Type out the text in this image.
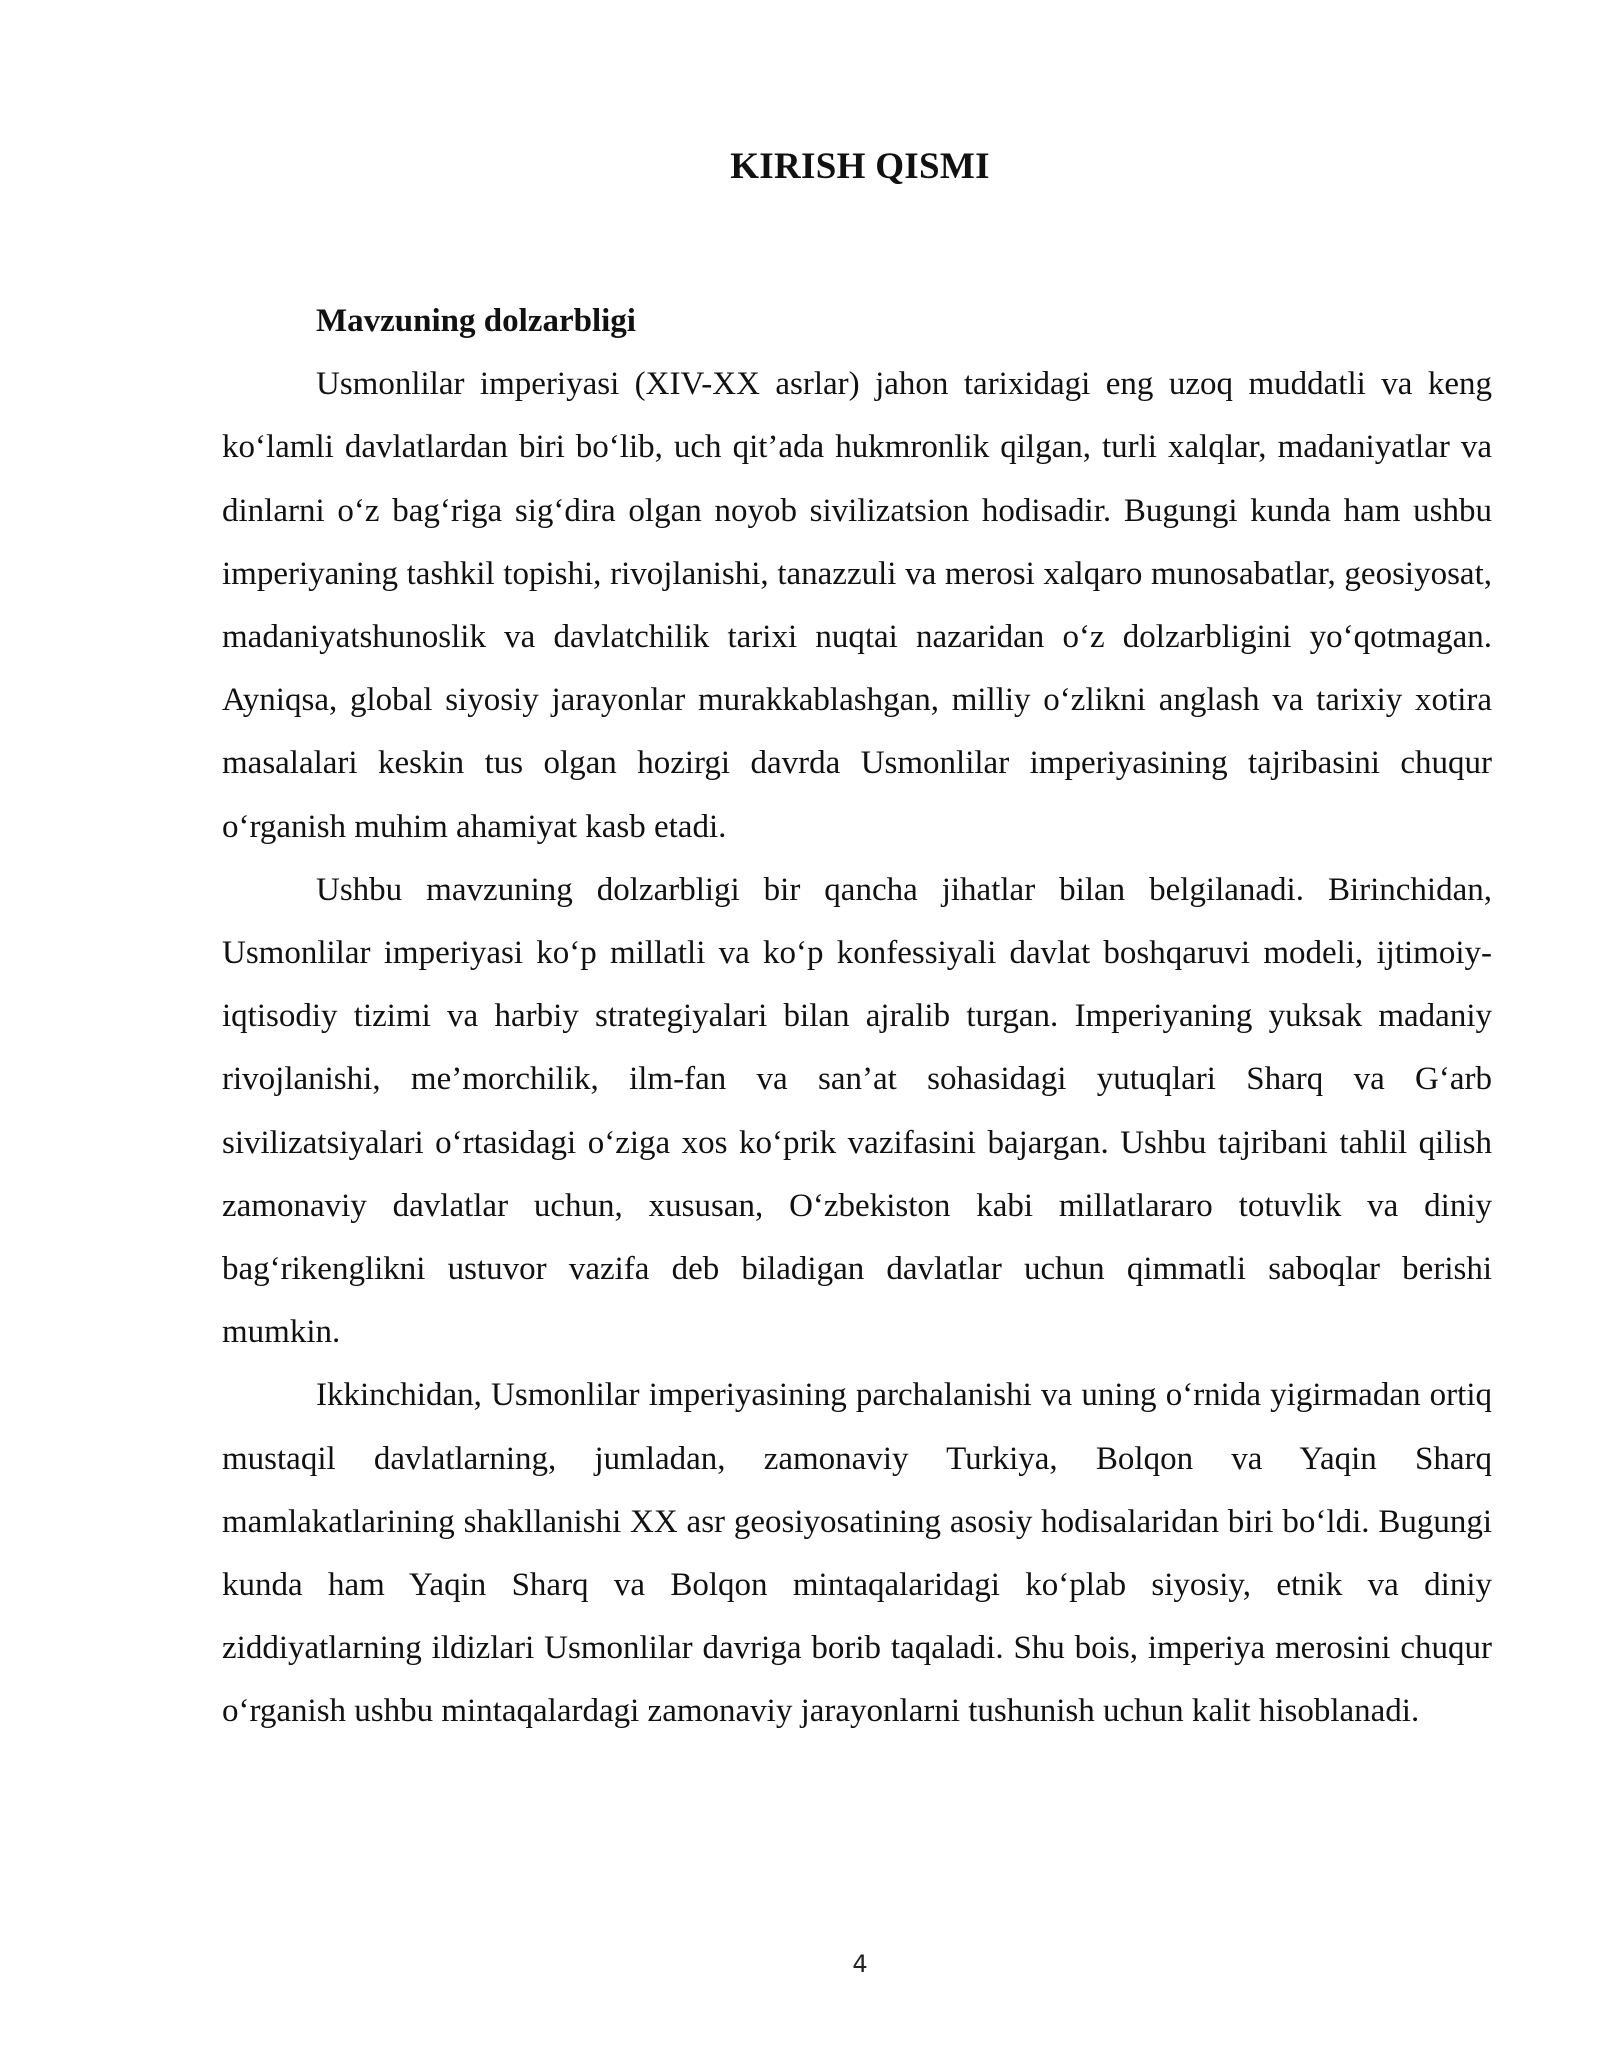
KIRISH QISMI

Mavzuning dolzarbligi

Usmonlilar imperiyasi (XIV-XX asrlar) jahon tarixidagi eng uzoq muddatli va keng ko‘lamli davlatlardan biri bo‘lib, uch qit’ada hukmronlik qilgan, turli xalqlar, madaniyatlar va dinlarni o‘z bag‘riga sig‘dira olgan noyob sivilizatsion hodisadir. Bugungi kunda ham ushbu imperiyaning tashkil topishi, rivojlanishi, tanazzuli va merosi xalqaro munosabatlar, geosiyosat, madaniyatshunoslik va davlatchilik tarixi nuqtai nazaridan o‘z dolzarbligini yo‘qotmagan. Ayniqsa, global siyosiy jarayonlar murakkablashgan, milliy o‘zlikni anglash va tarixiy xotira masalalari keskin tus olgan hozirgi davrda Usmonlilar imperiyasining tajribasini chuqur o‘rganish muhim ahamiyat kasb etadi.

Ushbu mavzuning dolzarbligi bir qancha jihatlar bilan belgilanadi. Birinchidan, Usmonlilar imperiyasi ko‘p millatli va ko‘p konfessiyali davlat boshqaruvi modeli, ijtimoiy-iqtisodiy tizimi va harbiy strategiyalari bilan ajralib turgan. Imperiyaning yuksak madaniy rivojlanishi, me’morchilik, ilm-fan va san’at sohasidagi yutuqlari Sharq va G‘arb sivilizatsiyalari o‘rtasidagi o‘ziga xos ko‘prik vazifasini bajargan. Ushbu tajribani tahlil qilish zamonaviy davlatlar uchun, xususan, O‘zbekiston kabi millatlararo totuvlik va diniy bag‘rikenglikni ustuvor vazifa deb biladigan davlatlar uchun qimmatli saboqlar berishi mumkin.

Ikkinchidan, Usmonlilar imperiyasining parchalanishi va uning o‘rnida yigirmadan ortiq mustaqil davlatlarning, jumladan, zamonaviy Turkiya, Bolqon va Yaqin Sharq mamlakatlarining shakllanishi XX asr geosiyosatining asosiy hodisalaridan biri bo‘ldi. Bugungi kunda ham Yaqin Sharq va Bolqon mintaqalaridagi ko‘plab siyosiy, etnik va diniy ziddiyatlarning ildizlari Usmonlilar davriga borib taqaladi. Shu bois, imperiya merosini chuqur o‘rganish ushbu mintaqalardagi zamonaviy jarayonlarni tushunish uchun kalit hisoblanadi.

4
